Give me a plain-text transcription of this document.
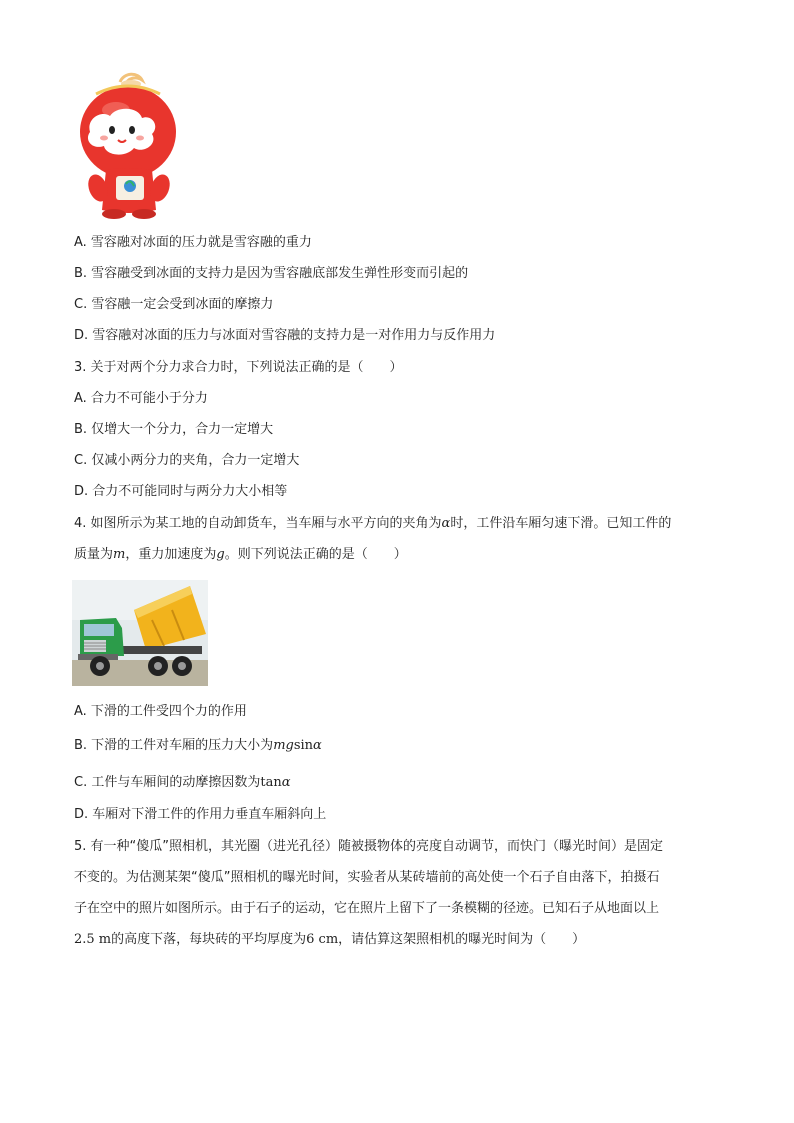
A. 雪容融对冰面的压力就是雪容融的重力
B. 雪容融受到冰面的支持力是因为雪容融底部发生弹性形变而引起的
C. 雪容融一定会受到冰面的摩擦力
D. 雪容融对冰面的压力与冰面对雪容融的支持力是一对作用力与反作用力
3. 关于对两个分力求合力时，下列说法正确的是（　　）
A. 合力不可能小于分力
B. 仅增大一个分力，合力一定增大
C. 仅减小两分力的夹角，合力一定增大
D. 合力不可能同时与两分力大小相等
4. 如图所示为某工地的自动卸货车，当车厢与水平方向的夹角为α时，工件沿车厢匀速下滑。已知工件的
质量为m，重力加速度为g。则下列说法正确的是（　　）
A. 下滑的工件受四个力的作用
B. 下滑的工件对车厢的压力大小为mgsinα
C. 工件与车厢间的动摩擦因数为tanα
D. 车厢对下滑工件的作用力垂直车厢斜向上
5. 有一种“傻瓜”照相机，其光圈（进光孔径）随被摄物体的亮度自动调节，而快门（曝光时间）是固定
不变的。为估测某架“傻瓜”照相机的曝光时间，实验者从某砖墙前的高处使一个石子自由落下，拍摄石
子在空中的照片如图所示。由于石子的运动，它在照片上留下了一条模糊的径迹。已知石子从地面以上
2.5 m的高度下落，每块砖的平均厚度为6 cm，请估算这架照相机的曝光时间为（　　）
